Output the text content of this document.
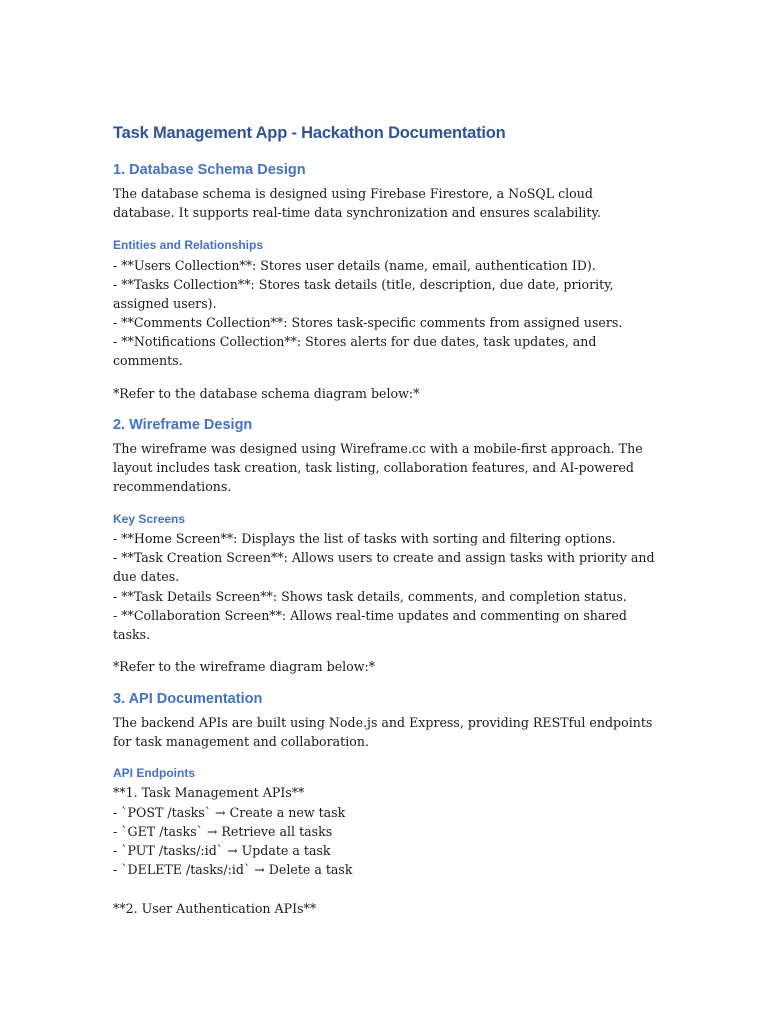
Task Management App - Hackathon Documentation
1. Database Schema Design
The database schema is designed using Firebase Firestore, a NoSQL cloud database. It supports real-time data synchronization and ensures scalability.
Entities and Relationships
- **Users Collection**: Stores user details (name, email, authentication ID).
- **Tasks Collection**: Stores task details (title, description, due date, priority, assigned users).
- **Comments Collection**: Stores task-specific comments from assigned users.
- **Notifications Collection**: Stores alerts for due dates, task updates, and comments.
*Refer to the database schema diagram below:*
2. Wireframe Design
The wireframe was designed using Wireframe.cc with a mobile-first approach. The layout includes task creation, task listing, collaboration features, and AI-powered recommendations.
Key Screens
- **Home Screen**: Displays the list of tasks with sorting and filtering options.
- **Task Creation Screen**: Allows users to create and assign tasks with priority and due dates.
- **Task Details Screen**: Shows task details, comments, and completion status.
- **Collaboration Screen**: Allows real-time updates and commenting on shared tasks.
*Refer to the wireframe diagram below:*
3. API Documentation
The backend APIs are built using Node.js and Express, providing RESTful endpoints for task management and collaboration.
API Endpoints
**1. Task Management APIs**
- `POST /tasks` → Create a new task
- `GET /tasks` → Retrieve all tasks
- `PUT /tasks/:id` → Update a task
- `DELETE /tasks/:id` → Delete a task
**2. User Authentication APIs**
